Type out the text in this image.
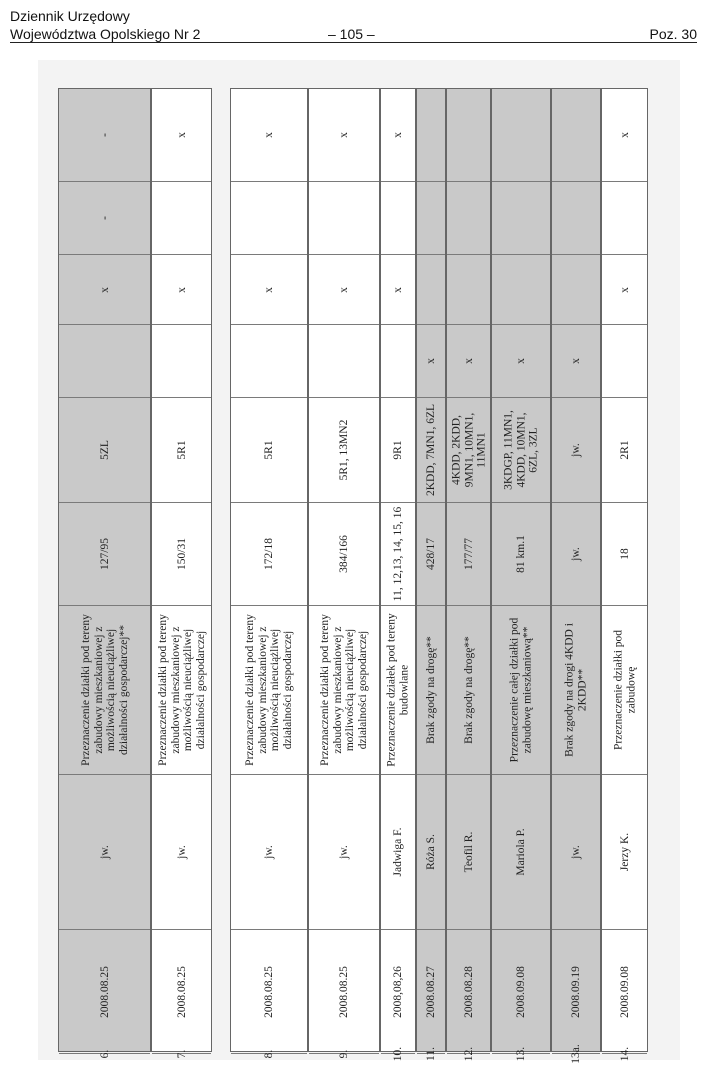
Dziennik Urzędowy
Województwa Opolskiego Nr 2	– 105 –	Poz. 30
-
-
x
5ZL
127/95
Przeznaczenie działki pod tereny zabudowy mieszkaniowej z możliwością nieuciążliwej działalności gospodarczej**
jw.
2008.08.25
6.
x
x
5R1
150/31
Przeznaczenie działki pod tereny zabudowy mieszkaniowej z możliwością nieuciążliwej działalności gospodarczej
jw.
2008.08.25
7.
x
x
5R1
172/18
Przeznaczenie działki pod tereny zabudowy mieszkaniowej z możliwością nieuciążliwej działalności gospodarczej
jw.
2008.08.25
8.
x
x
5R1, 13MN2
384/166
Przeznaczenie działki pod tereny zabudowy mieszkaniowej z możliwością nieuciążliwej działalności gospodarczej
jw.
2008.08.25
9.
x
x
9R1
11, 12,13, 14, 15, 16
Przeznaczenie działek pod tereny budowlane
Jadwiga F.
2008,08,26
10.
x
2KDD, 7MN1, 6ZL
428/17
Brak zgody na drogę**
Róża S.
2008.08.27
11.
x
4KDD, 2KDD, 9MN1, 10MN1, 11MN1
177/77
Brak zgody na drogę**
Teofil R.
2008.08.28
12.
x
3KDGP, 11MN1, 4KDD, 10MN1, 6ZL, 3ZL
81 km.1
Przeznaczenie całej działki pod zabudowę mieszkaniową**
Mariola P.
2008.09.08
13.
x
jw.
jw.
Brak zgody na drogi 4KDD i 2KDD**
jw.
2008.09.19
13a.
x
x
2R1
18
Przeznaczenie działki pod zabudowę
Jerzy K.
2008.09.08
14.
